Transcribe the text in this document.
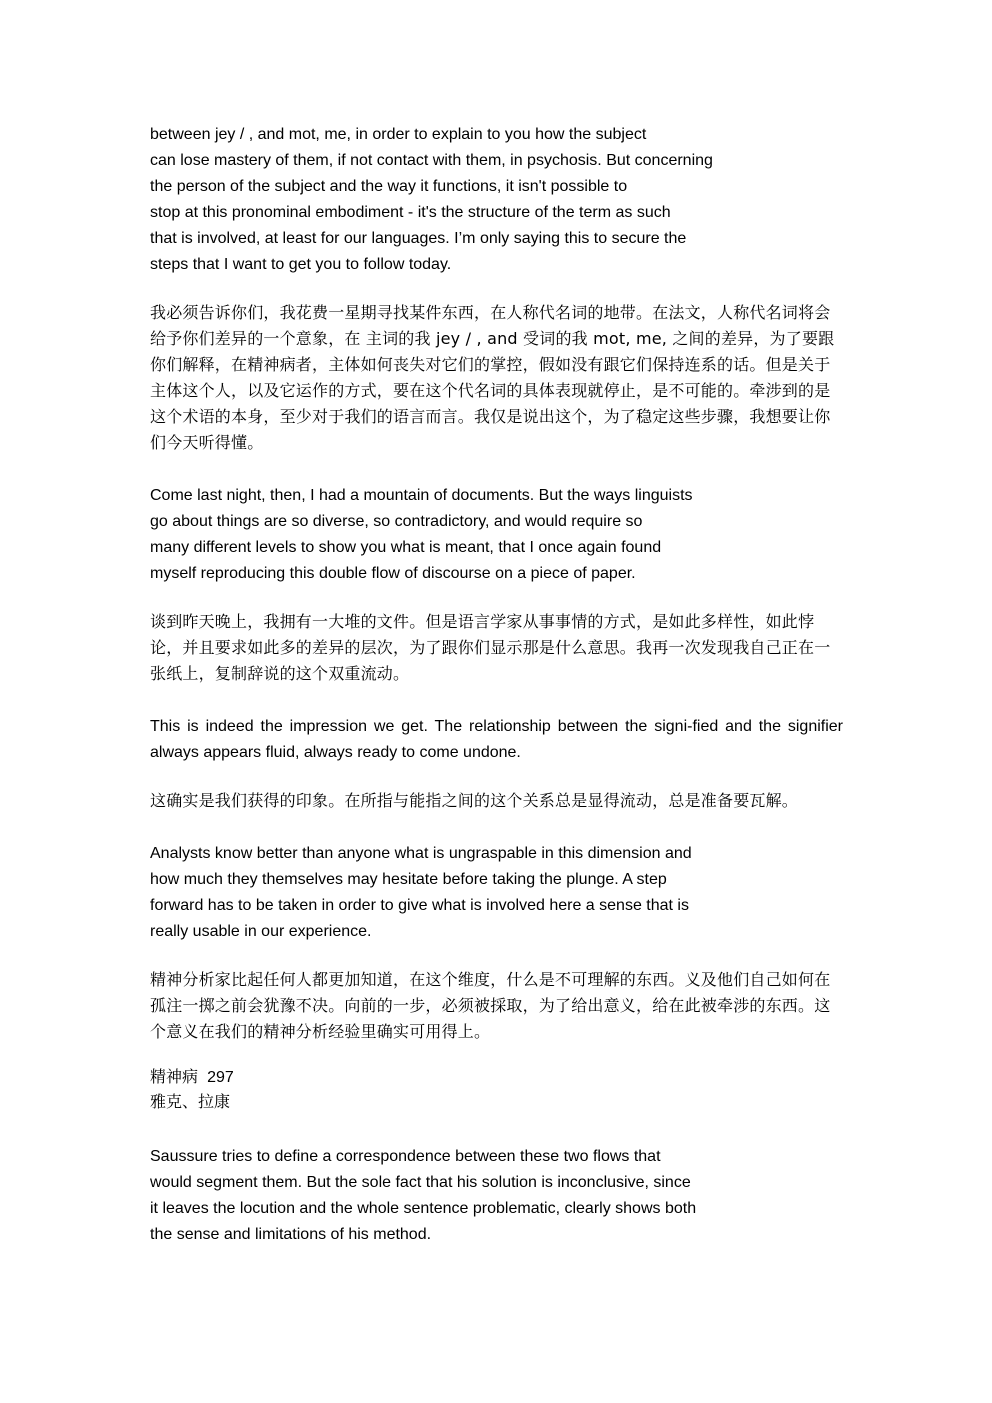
between jey / , and mot, me, in order to explain to you how the subject
can lose mastery of them, if not contact with them, in psychosis. But concerning
the person of the subject and the way it functions, it isn't possible to
stop at this pronominal embodiment - it's the structure of the term as such
that is involved, at least for our languages. I’m only saying this to secure the
steps that I want to get you to follow today.

我必须告诉你们，我花费一星期寻找某件东西，在人称代名词的地带。在法文，人称代名词将会给予你们差异的一个意象，在 主词的我 jey / , and 受词的我 mot, me, 之间的差异，为了要跟你们解释，在精神病者，主体如何丧失对它们的掌控，假如没有跟它们保持连系的话。但是关于主体这个人，以及它运作的方式，要在这个代名词的具体表现就停止，是不可能的。牵涉到的是这个术语的本身，至少对于我们的语言而言。我仅是说出这个，为了稳定这些步骤，我想要让你们今天听得懂。

Come last night, then, I had a mountain of documents. But the ways linguists
go about things are so diverse, so contradictory, and would require so
many different levels to show you what is meant, that I once again found
myself reproducing this double flow of discourse on a piece of paper.

谈到昨天晚上，我拥有一大堆的文件。但是语言学家从事事情的方式，是如此多样性，如此悖论，并且要求如此多的差异的层次，为了跟你们显示那是什么意思。我再一次发现我自己正在一张纸上，复制辞说的这个双重流动。

This is indeed the impression we get. The relationship between the signi-fied and the signifier always appears fluid, always ready to come undone.

这确实是我们获得的印象。在所指与能指之间的这个关系总是显得流动，总是准备要瓦解。

Analysts know better than anyone what is ungraspable in this dimension and
how much they themselves may hesitate before taking the plunge. A step
forward has to be taken in order to give what is involved here a sense that is
really usable in our experience.

精神分析家比起任何人都更加知道，在这个维度，什么是不可理解的东西。义及他们自己如何在孤注一掷之前会犹豫不决。向前的一步，必须被採取，为了给出意义，给在此被牵涉的东西。这个意义在我们的精神分析经验里确实可用得上。

精神病 297
雅克、拉康
Saussure tries to define a correspondence between these two flows that
would segment them. But the sole fact that his solution is inconclusive, since
it leaves the locution and the whole sentence problematic, clearly shows both
the sense and limitations of his method.
